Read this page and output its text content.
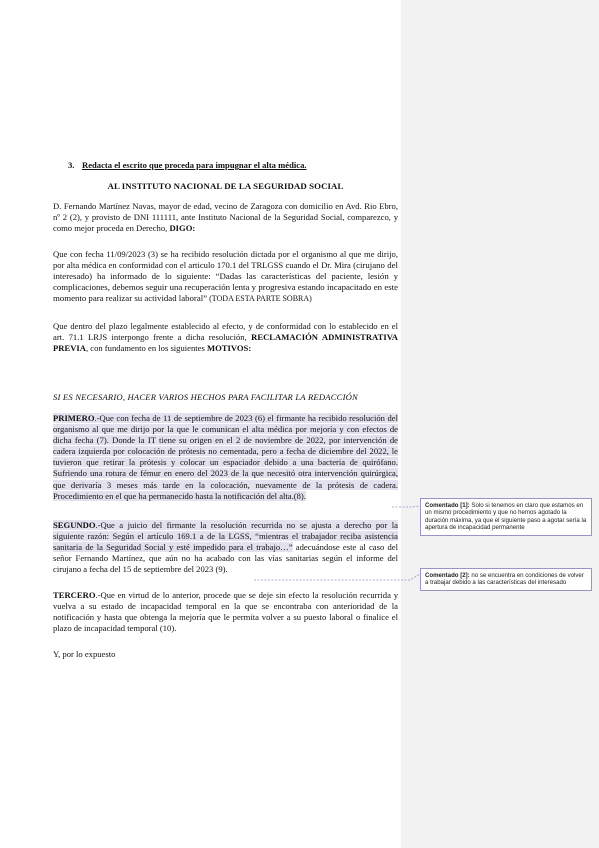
3. Redacta el escrito que proceda para impugnar el alta médica.
AL INSTITUTO NACIONAL DE LA SEGURIDAD SOCIAL
D. Fernando Martínez Navas, mayor de edad, vecino de Zaragoza con domicilio en Avd. Rio Ebro, nº 2 (2), y provisto de DNI 111111, ante Instituto Nacional de la Seguridad Social, comparezco, y como mejor proceda en Derecho, DIGO:
Que con fecha 11/09/2023 (3) se ha recibido resolución dictada por el organismo al que me dirijo, por alta médica en conformidad con el articulo 170.1 del TRLGSS cuando el Dr. Mira (cirujano del interesado) ha informado de lo siguiente: “Dadas las características del paciente, lesión y complicaciones, debemos seguir una recuperación lenta y progresiva estando incapacitado en este momento para realizar su actividad laboral” (TODA ESTA PARTE SOBRA)
Que dentro del plazo legalmente establecido al efecto, y de conformidad con lo establecido en el art. 71.1 LRJS interpongo frente a dicha resolución, RECLAMACIÓN ADMINISTRATIVA PREVIA, con fundamento en los siguientes MOTIVOS:
SI ES NECESARIO, HACER VARIOS HECHOS PARA FACILITAR LA REDACCIÓN
PRIMERO.-Que con fecha de 11 de septiembre de 2023 (6) el firmante ha recibido resolución del organismo al que me dirijo por la que le comunican el alta médica por mejoría y con efectos de dicha fecha (7). Donde la IT tiene su origen en el 2 de noviembre de 2022, por intervención de cadera izquierda por colocación de prótesis no cementada, pero a fecha de diciembre del 2022, le tuvieron que retirar la prótesis y colocar un espaciador debido a una bacteria de quirófano. Sufriendo una rotura de fémur en enero del 2023 de la que necesitó otra intervención quirúrgica, que derivaría 3 meses más tarde en la colocación, nuevamente de la prótesis de cadera. Procedimiento en el que ha permanecido hasta la notificación del alta.(8).
SEGUNDO.-Que a juicio del firmante la resolución recurrida no se ajusta a derecho por la siguiente razón: Según el artículo 169.1 a de la LGSS, “mientras el trabajador reciba asistencia sanitaria de la Seguridad Social y esté impedido para el trabajo…” adecuándose este al caso del señor Fernando Martínez, que aún no ha acabado con las vías sanitarias según el informe del cirujano a fecha del 15 de septiembre del 2023 (9).
TERCERO.-Que en virtud de lo anterior, procede que se deje sin efecto la resolución recurrida y vuelva a su estado de incapacidad temporal en la que se encontraba con anterioridad de la notificación y hasta que obtenga la mejoría que le permita volver a su puesto laboral o finalice el plazo de incapacidad temporal (10).
Y, por lo expuesto
Comentado [1]: Solo si tenemos en claro que estamos en un mismo procedimiento y que no hemos agotado la duración máxima, ya que el siguiente paso a agotar sería la apertura de incapacidad permanente
Comentado [2]: no se encuentra en condiciones de volver a trabajar debido a las características del interesado
